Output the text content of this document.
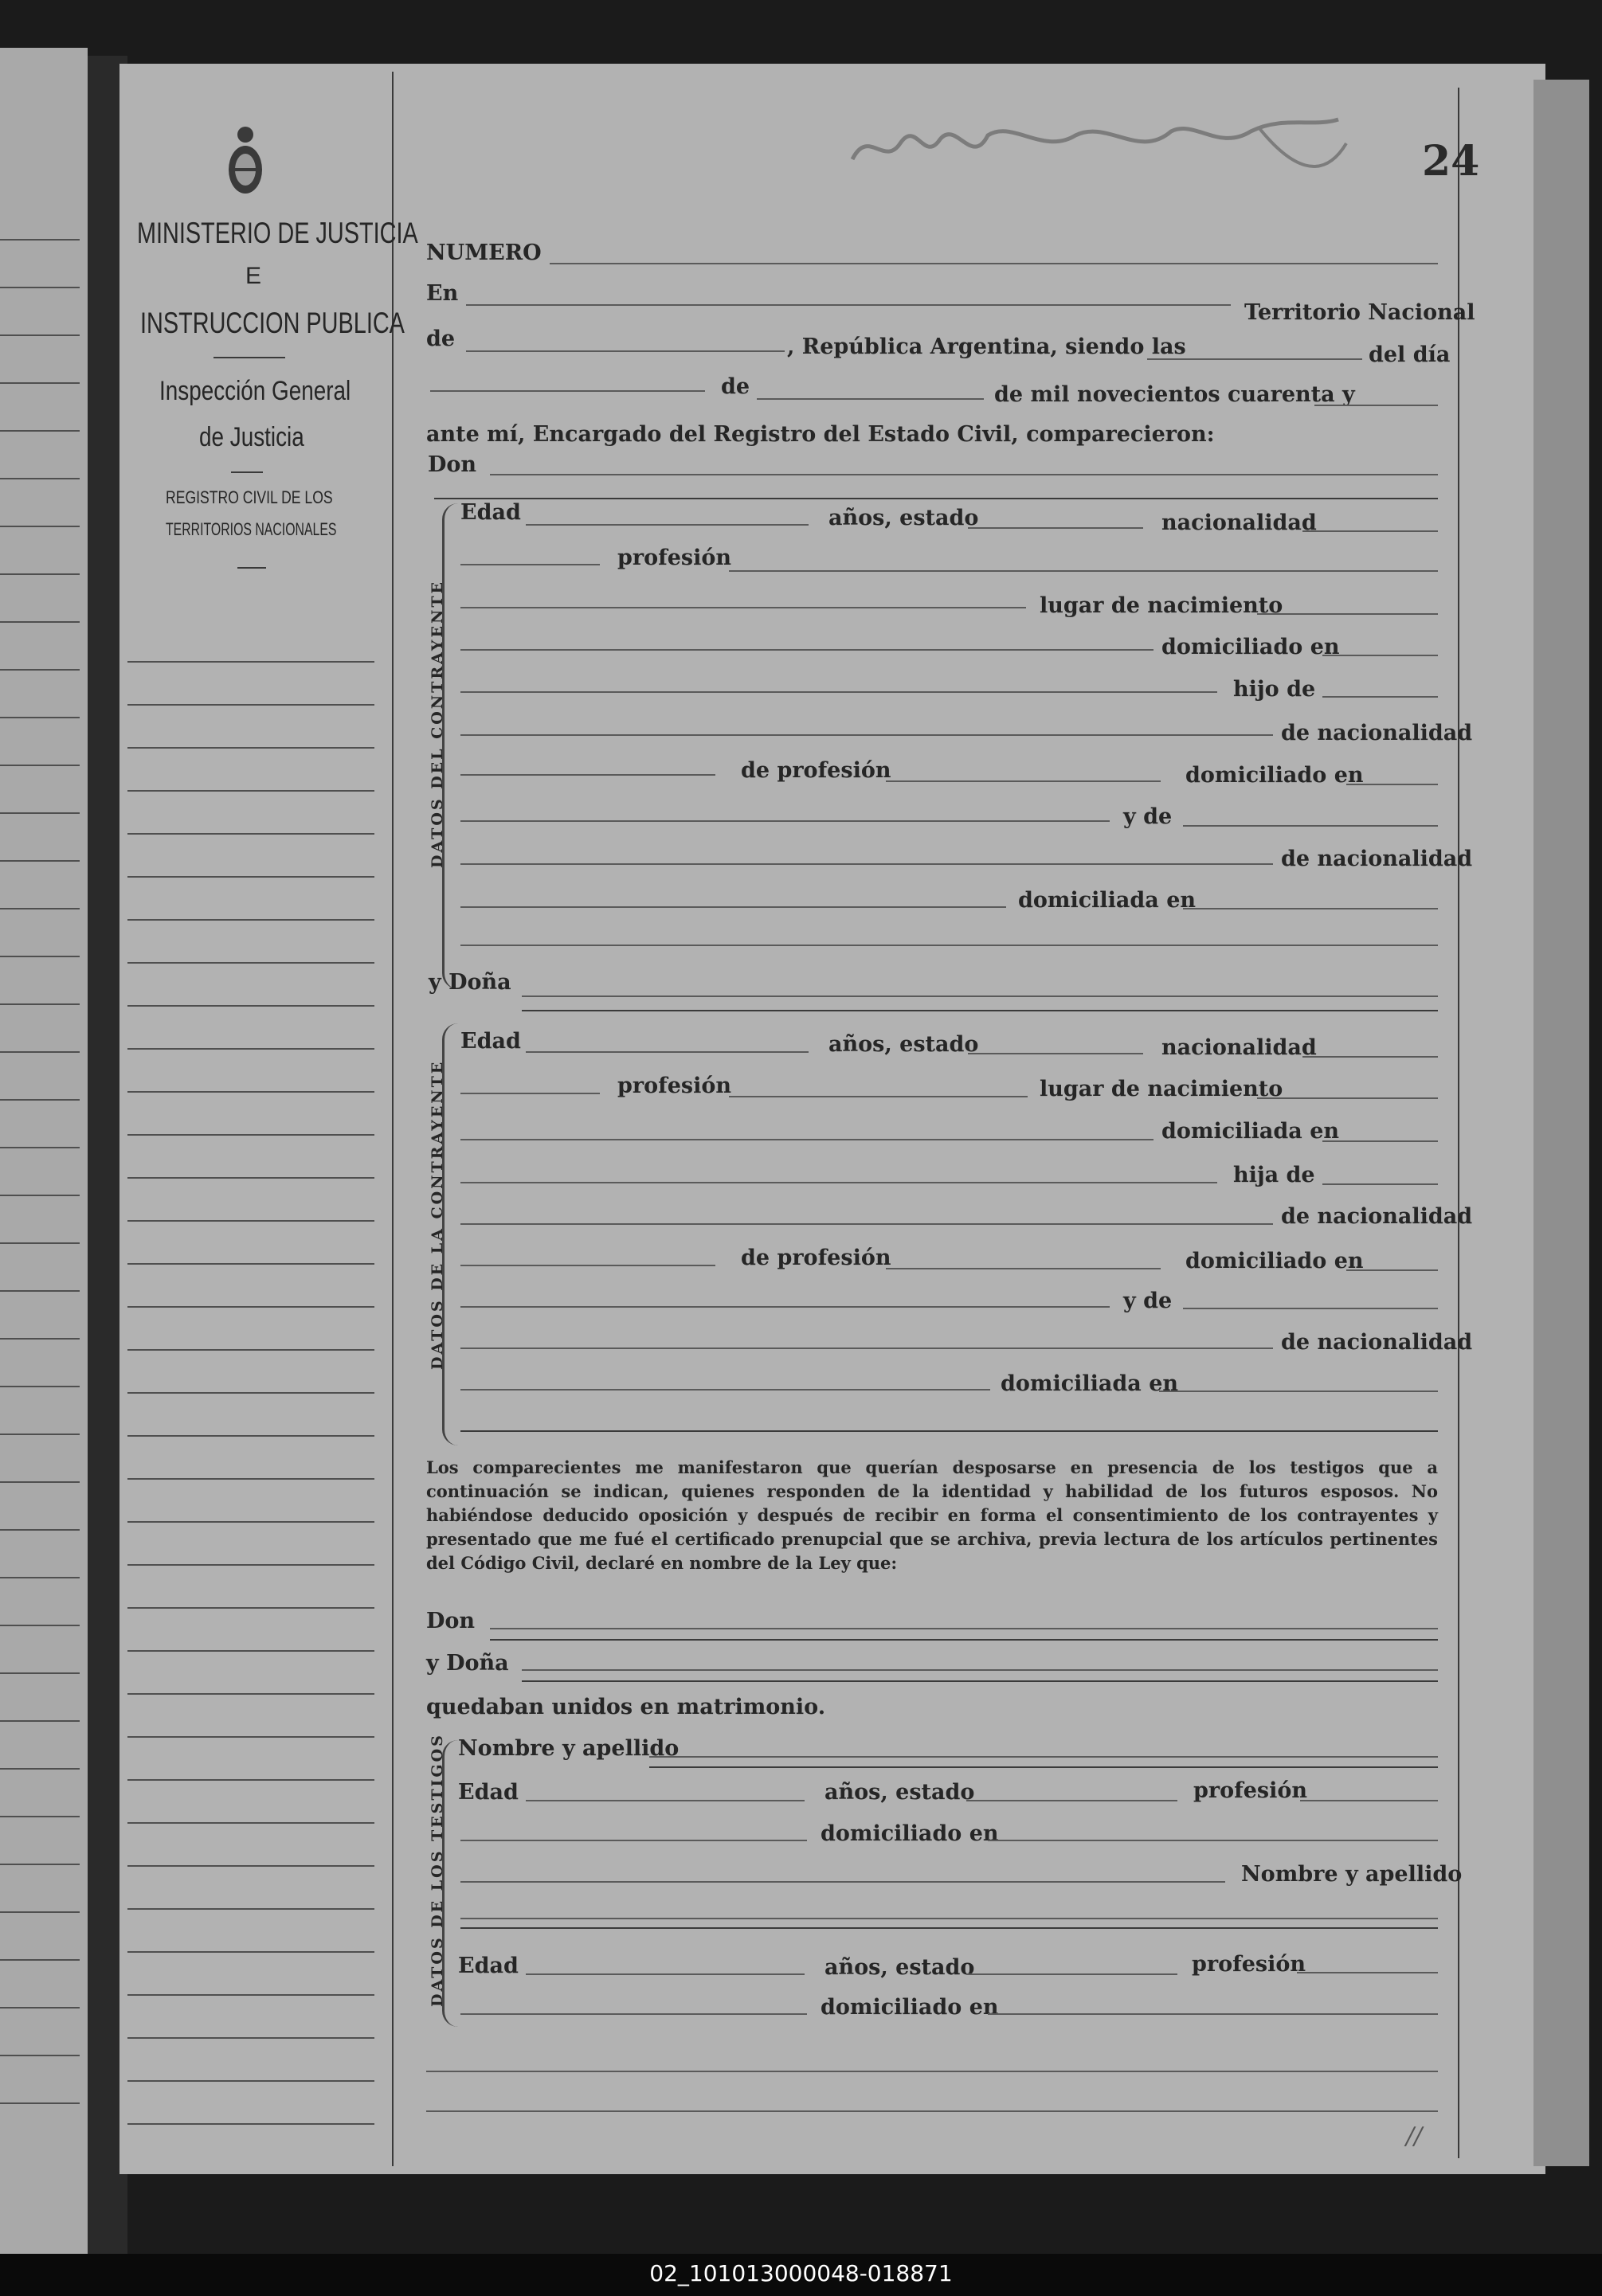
MINISTERIO DE JUSTICIA
E
INSTRUCCION PUBLICA
Inspección General
de Justicia
REGISTRO CIVIL DE LOS
TERRITORIOS NACIONALES
24
NUMERO
En
Territorio Nacional
de	, República Argentina, siendo las	del día
de	de mil novecientos cuarenta y
ante mí, Encargado del Registro del Estado Civil, comparecieron:
Don
DATOS DEL CONTRAYENTE
Edad	años, estado	nacionalidad
profesión
lugar de nacimiento
domiciliado en
hijo de
de nacionalidad
de profesión	domiciliado en
y de
de nacionalidad
domiciliada en
y Doña
DATOS DE LA CONTRAYENTE
Edad	años, estado	nacionalidad
profesión	lugar de nacimiento
domiciliada en
hija de
de nacionalidad
de profesión	domiciliado en
y de
de nacionalidad
domiciliada en
Los comparecientes me manifestaron que querían desposarse en presencia de los testigos que a continuación se indican, quienes responden de la identidad y habilidad de los futuros esposos. No habiéndose deducido oposición y después de recibir en forma el consentimiento de los contrayentes y presentado que me fué el certificado prenupcial que se archiva, previa lectura de los artículos pertinentes del Código Civil, declaré en nombre de la Ley que:
Don
y Doña
quedaban unidos en matrimonio.
DATOS DE LOS TESTIGOS Nombre y apellido
Edad	años, estado	profesión
domiciliado en
Nombre y apellido
Edad	años, estado	profesión
domiciliado en
//
02_101013000048-018871
